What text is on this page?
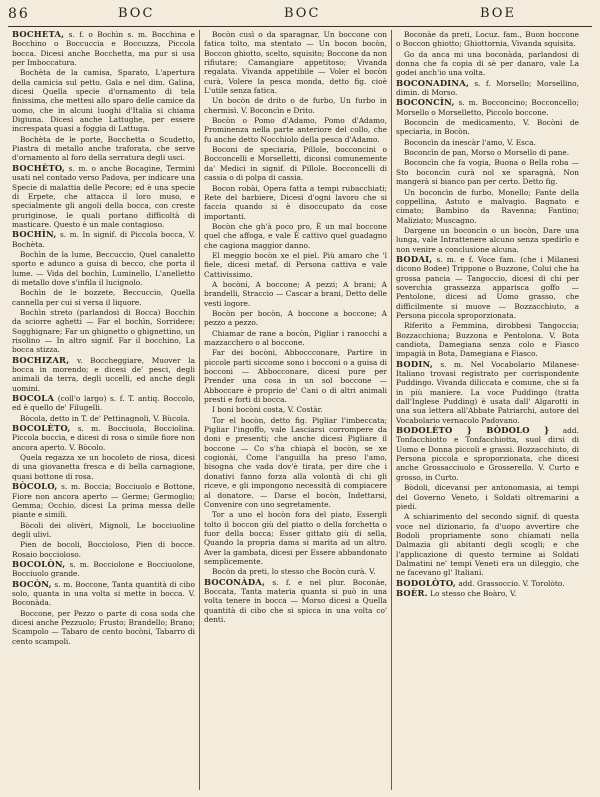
86	BOC	BOC	BOE

BOCHÈTA, s. f. o Bochìn s. m. Bocchina e Bocchino o Boccuccia e Boccuzza, Piccola bocca. Dicesi anche Bocchetta, ma pur si usa per Imboccatura.

Bochèta de la camisa, Sparato, L'apertura della camicia sul petto. Gala e nel dim. Galina, dicesi Quella specie d'ornamento di tela finissima, che mettesi allo sparo delle camice da uomo, che in alcuni luoghi d'Italia si chiama Digiuna. Dicesi anche Lattughe, per essere increspata quasi a foggia di Lattuga.

Bochèta de le porte, Bocchetta o Scudetto, Piastra di metallo anche traforata, che serve d'ornamento al foro della serratura degli usci.

BOCHÈTO, s. m. o anche Bocagine, Termini usati nel contado verso Padova, per indicare una Specie di malattia delle Pecore; ed è una specie di Erpete, che attacca il loro muso, e specialmente gli angoli della bocca, con creste pruriginose, le quali portano difficoltà di masticare. Questo è un male contagioso.

BOCHÌN, s. m. In signif. di Piccola bocca, V. Bochèta.

Bochìn de la lume, Beccuccio, Quel canaletto sporto e adunco a guisa di becco, che porta il lume. — Vida del bochìn, Luminello, L'anelletto di metallo dove s'infila il lucignolo.

Bochìn de le bozzete, Beccuccio, Quella cannella per cui si versa il liquore.

Bochìn streto (parlandosi di Bocca) Bocchin da sciorre aghetti — Far el bochìn, Sorridere; Sogghignare; Far un ghignetto o ghignettino, un risolino — In altro signif. Far il bocchino, La bocca stizza.

BOCHIZAR, v. Boccheggiare, Muover la bocca in morendo; e dicesi de' pesci, degli animali da terra, degli uccelli, ed anche degli uomini.

BOCOLA (coll'o largo) s. f. T. antiq. Boccolo, ed è quello de' Filugelli.

Bòcola, detto in T. de' Pettinagnoli, V. Bùcola.

BOCOLÈTO, s. m. Bocciuola, Bocciolina. Piccola boccia, e dicesi di rosa o simile fiore non ancora aperto. V. Bòcolo.

Quela regazza xe un bocoleto de riosa, dicesi di una giovanetta fresca e di bella carnagione, quasi bottone di rosa.

BÒCOLO, s. m. Boccia; Bocciuolo e Bottone, Fiore non ancora aperto — Germe; Germoglio; Gemma; Occhio, dicesi La prima messa delle piante e simili.

Bòcoli dei olivèri, Mignoli, Le bocciuoline degli ulivi.

Pien de bocoli, Boccioloso, Pien di bocce. Rosaio boccioloso.

BOCOLÒN, s. m. Bocciolone e Bocciuolone, Bocciuolo grande.

BOCÒN, s. m. Boccone, Tanta quantità di cibo solo, quanta in una volta si mette in bocca. V. Boconàda.

Boccone, per Pezzo o parte di cosa soda che dicesi anche Pezzuolo; Frusto; Brandello; Brano; Scampolo — Tabaro de cento bocòni, Tabarro di cento scampoli.

Bocòn cusì o da sparagnar, Un boccone con fatica tolto, ma stentato — Un bocon bocòn, Boccon ghiotto, scelto, squisito; Boccone da non rifiutare; Camangiare appetitoso; Vivanda regalata. Vivanda appetibile — Voler el bocòn curà, Volere la pesca monda, detto fig. cioè L'utile senza fatica.

Un bocòn de drito o de furbo, Un furbo in chermisì. V. Boconcìn e Drito.

Bocòn o Pomo d'Adamo, Pomo d'Adamo, Prominenza nella parte anteriore del collo, che fu anche detto Nocchiolo della pesca d'Adamo.

Boconi de speciaria, Pillole, bocconcini o Bocconcelli e Morselletti, diconsi comunemente da' Medici in signif. di Pillole. Bocconcelli di cassia o di polpa di cassia.

Bocon robài, Opera fatta a tempi rubacchiati; Rete del barbiere, Dicesi d'ogni lavoro che si faccia quando si è disoccupato da cose importanti.

Bocòn che gh'à poco pro, È un mal boccone quel che affoga, e vale È cattivo quel guadagno che cagiona maggior danno.

El meggio bocòn xe el piel. Più amaro che 'l fiele, dicesi metaf. di Persona cattiva e vale Cattivissimo.

A bocòni, A boccone; A pezzi; A brani; A brandelli, Straccio — Cascar a brani, Detto delle vesti logore.

Bocòn per bocòn, A boccone a boccone; A pezzo a pezzo.

Chiamar de rane a bocòn, Pigliar i ranocchi a mazzacchero o al boccone.

Far dei bocòni, Abboccconare, Partire in piccole parti siccome sono i bocconi o a guisa di bocconi — Abbocconare, dicesi pure per Prender una cosa in un sol boccone — Abboccare è proprio de' Cani o di altri animali presti e forti di bocca.

I boni bocòni costa, V. Costàr.

Tor el bocòn, detto fig. Pigliar l'imbeccata; Pigliar l'ingoffo, vale Lasciarsi corrompere da doni e presenti; che anche dicesi Pigliare il boccone — Co s'ha chiapà el bocòn, se xe cogionài, Come l'anguilla ha preso l'amo, bisogna che vada dov'è tirata, per dire che i donativi fanno forza alla volontà di chi gli riceve, e gli impongono necessità di compiacere al donatore. — Darse el bocòn, Indettarsi, Convenire con uno segretamente.

Tor a uno el bocòn fora del piato, Essergli tolto il boccon giù del piatto o della forchetta o fuor della bocca; Esser gittato giù di sella, Quando la propria dama si marita ad un altro. Aver la gambata, dicesi per Essere abbandonato semplicemente.

Bocòn da preti, lo stesso che Bocòn curà. V.

BOCONÀDA, s. f. e nel plur. Boconàe, Boccata, Tanta materia quanta si può in una volta tenere in bocca — Morso dicesi a Quella quantità di cibo che si spicca in una volta co' denti.

Boconàe da preti, Locuz. fam., Buon boccone o Boccon ghiotto; Ghiottornia, Vivanda squisita.

Go da anca mi una boconàda, parlandosi di donna che fa copia di sè per danaro, vale La godei anch'io una volta.

BOCONADINA, s. f. Morsello; Morsellino, dimin. di Morso.

BOCONCÌN, s. m. Bocconcino; Bocconcello; Morsello o Morselletto, Piccolo boccone.

Boconcìn de medicamento, V. Bocòni de speciarìa, in Bocòn.

Boconcìn da inescàr l'amo, V. Esca.

Boconcìn de pan, Morso o Morsello di pane.

Boconcìn che fa vogia, Buona o Bella roba — Sto boconcìn curà nol xe sparagnà, Non mangerà si bianco pan per certo. Detto fig.

Un boconcìn de furbo, Monello; Fante della coppellina, Astuto e malvagio. Bagnato e cimato; Bambino da Ravenna; Fantino; Maliziato; Muscagno.

Dargene un boconcìn o un bocòn, Dare una lunga, vale Intrattenere alcuno senza spedirlo e non venire a conclusione alcuna.

BODAI, s. m. e f. Voce fam. (che i Milanesi dicono Bodee) Trippone o Buzzone, Colui che ha grossa pancia — Tangoccio, dicesi di chi per soverchia grassezza apparisca goffo — Pentolone, dicesi ad Uomo grasso, che difficilmente si muove — Bozzacchiuto, a Persona piccola sproporzionata.

Riferito a Femmina, dirobbesi Tangoccia; Bozzacchiona; Buzzona e Pentolona. V. Bota candiota, Damegiana senza colo e Fiasco impagià in Bota, Damegiana e Fiasco.

BODIN, s. m. Nel Vocabolario Milanese-Italiano trovasi registrato per corrispondente Puddingo. Vivanda diliccata e comune, che si fa in più maniere. La voce Puddingo (tratta dall'Inglese Pudding) è usata dall' Algarotti in una sua lettera all'Abbate Patriarchi, autore del Vocabolario vernacolo Padovano.

BODOLÈTO } BÒDOLO } add. Tonfacchiotto e Tonfacchiotta, suol dirsi di Uomo e Donna piccoli e grassi. Bozzacchiuto, di Persona piccola e sproporzionata, che dicesi anche Grossacciuolo e Grosserello. V. Curto e grosso, in Curto.

Bòdoli, dicevansi per antonomasia, ai tempi del Governo Veneto, i Soldati oltremarini a piedi.

A schiarimento del secondo signif. di questa voce nel dizionario, fa d'uopo avvertire che Bodoli propriamente sono chiamati nella Dalmazia gli abitanti degli scogli; e che l'applicazione di questo termine ai Soldati Dalmatini ne' tempi Veneti era un dileggio, che ne facevano gl' Italiani.

BODOLÒTO, add. Grassoccio. V. Torolòto.

BOÈR. Lo stesso che Boàro, V.
